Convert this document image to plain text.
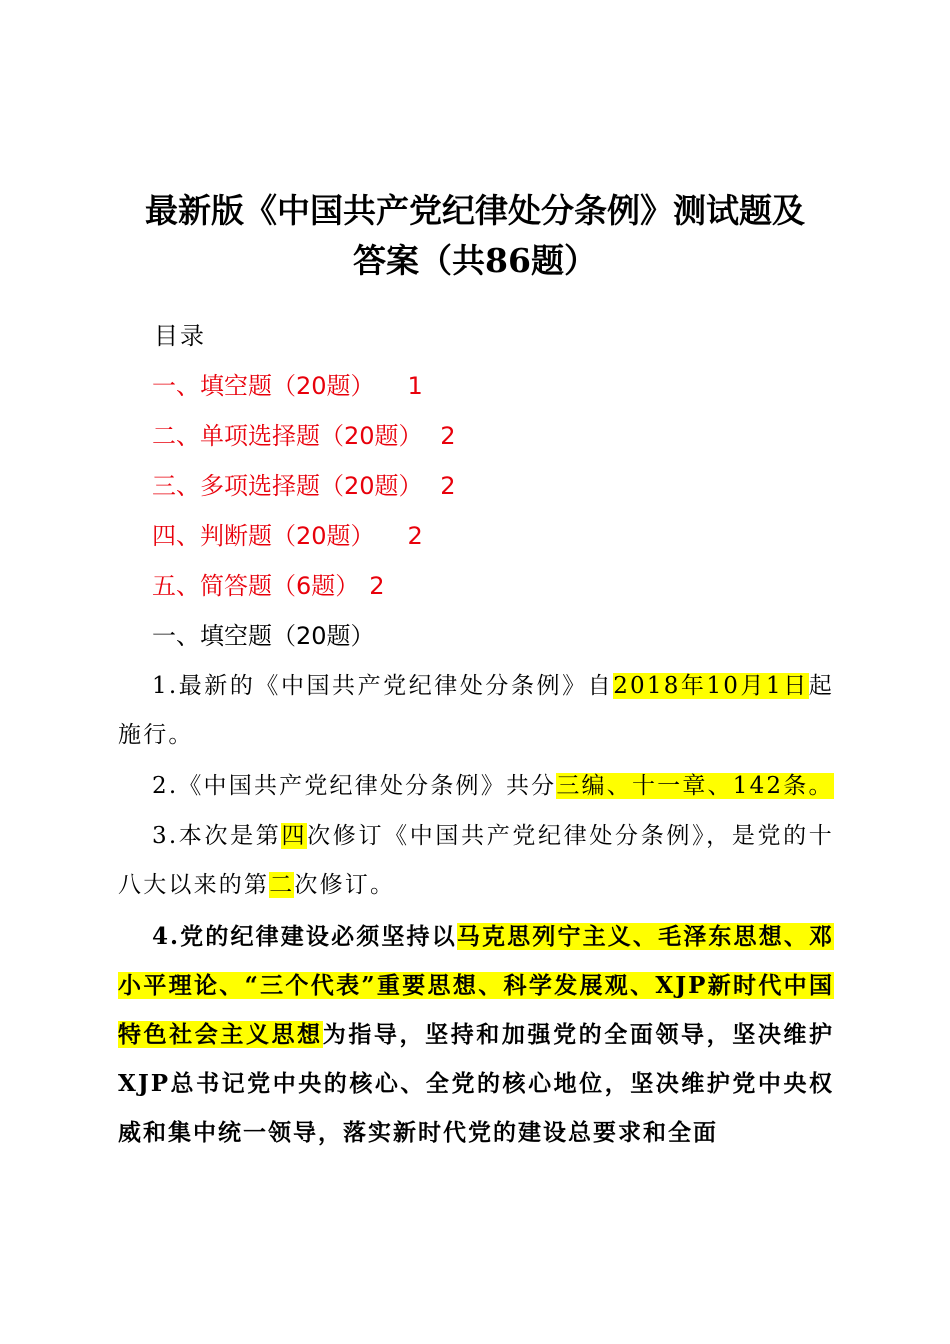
最新版《中国共产党纪律处分条例》测试题及
答案（共86题）
目录
一、填空题（20题） 1
二、单项选择题（20题） 2
三、多项选择题（20题） 2
四、判断题（20题） 2
五、简答题（6题） 2
一、填空题（20题）
1.最新的《中国共产党纪律处分条例》自2018年10月1日起施行。
2.《中国共产党纪律处分条例》共分三编、十一章、142条。
3.本次是第四次修订《中国共产党纪律处分条例》，是党的十八大以来的第二次修订。
4.党的纪律建设必须坚持以马克思列宁主义、毛泽东思想、邓小平理论、“三个代表”重要思想、科学发展观、XJP新时代中国特色社会主义思想为指导，坚持和加强党的全面领导，坚决维护XJP总书记党中央的核心、全党的核心地位，坚决维护党中央权威和集中统一领导，落实新时代党的建设总要求和全面
